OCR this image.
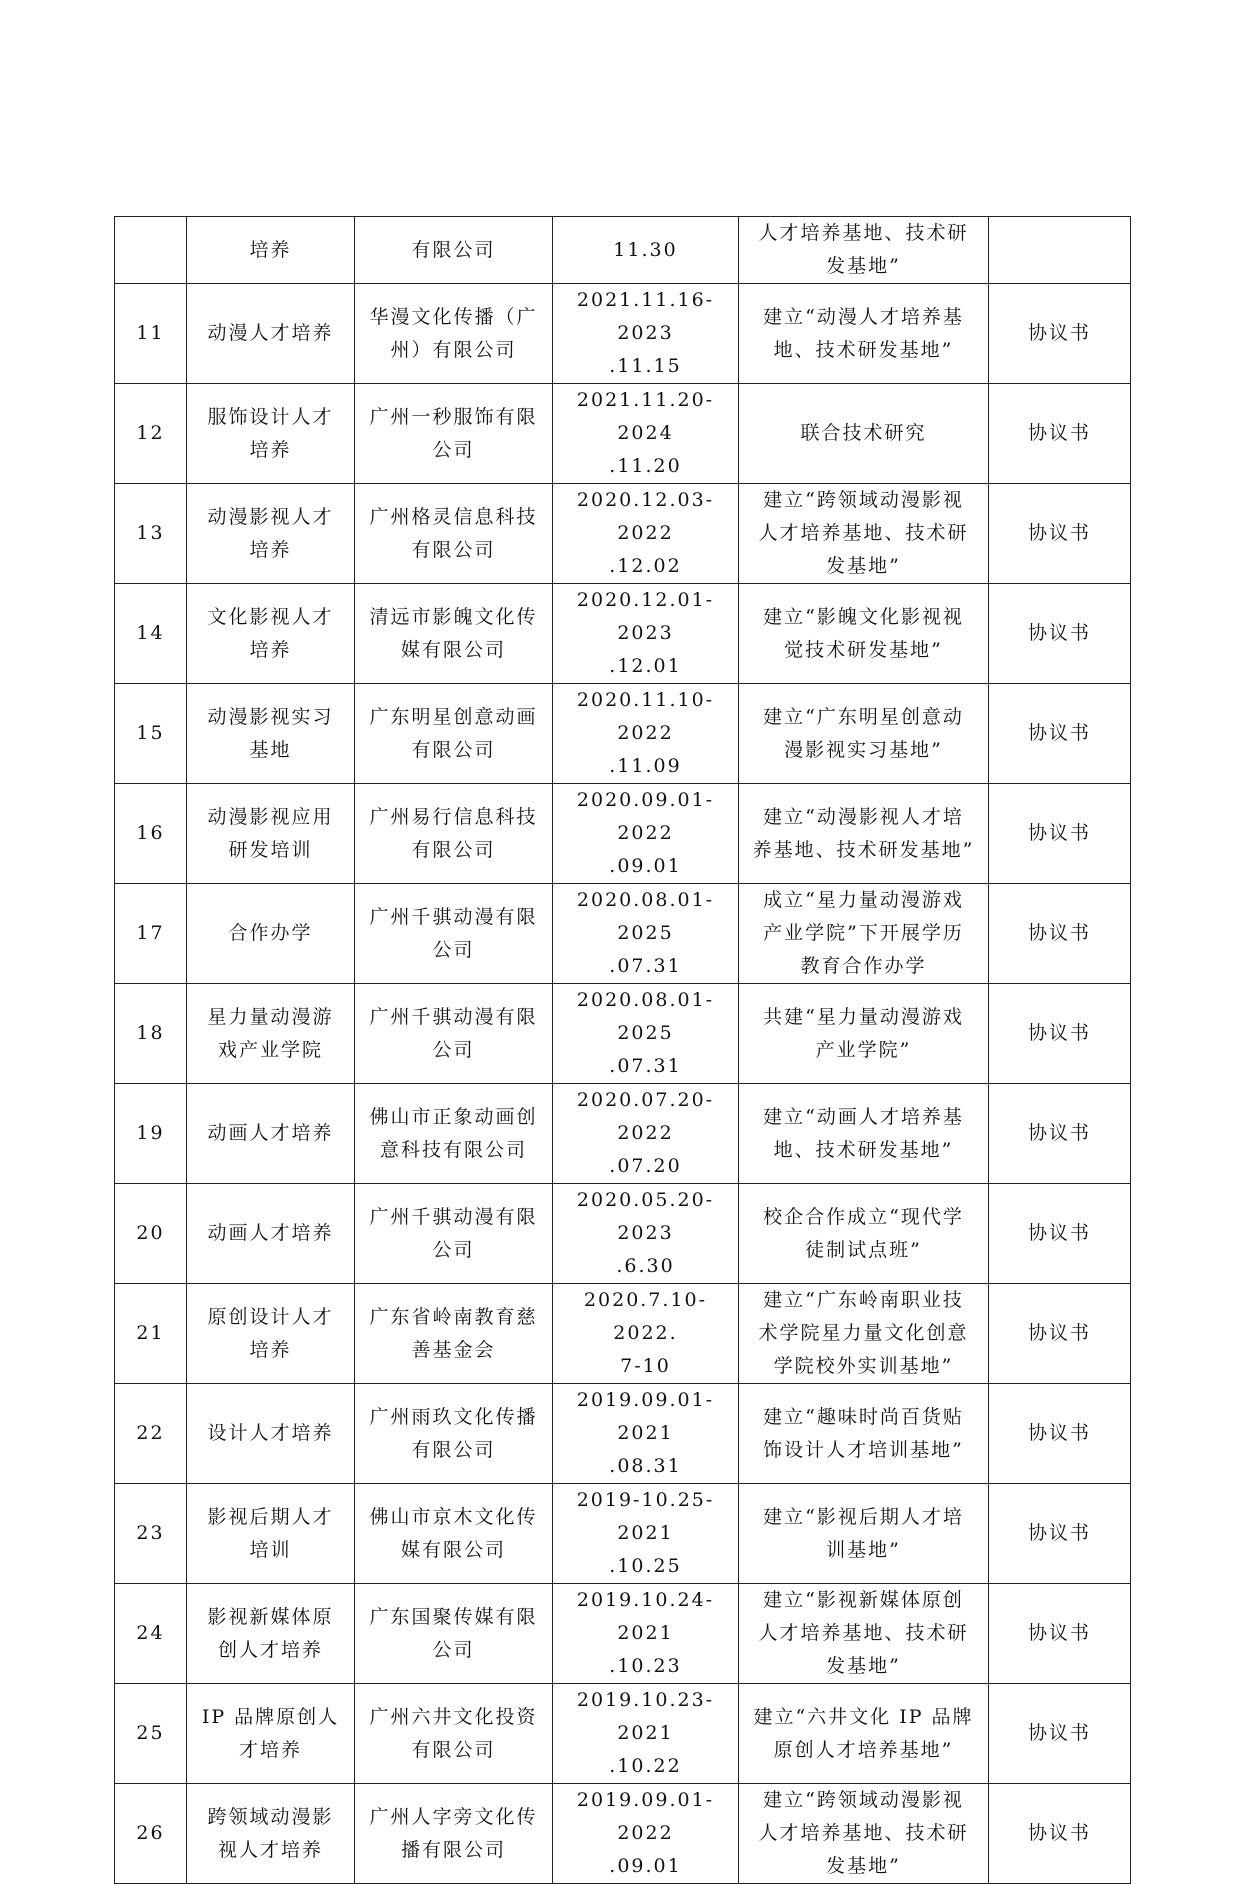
	培养	有限公司	11.30	人才培养基地、技术研
发基地”	
11	动漫人才培养	华漫文化传播（广
州）有限公司	2021.11.16-2023
.11.15	建立“动漫人才培养基
地、技术研发基地”	协议书
12	服饰设计人才
培养	广州一秒服饰有限
公司	2021.11.20-2024
.11.20	联合技术研究	协议书
13	动漫影视人才
培养	广州格灵信息科技
有限公司	2020.12.03-2022
.12.02	建立“跨领域动漫影视
人才培养基地、技术研
发基地”	协议书
14	文化影视人才
培养	清远市影魄文化传
媒有限公司	2020.12.01-2023
.12.01	建立“影魄文化影视视
觉技术研发基地”	协议书
15	动漫影视实习
基地	广东明星创意动画
有限公司	2020.11.10-2022
.11.09	建立“广东明星创意动
漫影视实习基地”	协议书
16	动漫影视应用
研发培训	广州易行信息科技
有限公司	2020.09.01-2022
.09.01	建立“动漫影视人才培
养基地、技术研发基地”	协议书
17	合作办学	广州千骐动漫有限
公司	2020.08.01-2025
.07.31	成立“星力量动漫游戏
产业学院”下开展学历
教育合作办学	协议书
18	星力量动漫游
戏产业学院	广州千骐动漫有限
公司	2020.08.01-2025
.07.31	共建“星力量动漫游戏
产业学院”	协议书
19	动画人才培养	佛山市正象动画创
意科技有限公司	2020.07.20-2022
.07.20	建立“动画人才培养基
地、技术研发基地”	协议书
20	动画人才培养	广州千骐动漫有限
公司	2020.05.20-2023
.6.30	校企合作成立“现代学
徒制试点班”	协议书
21	原创设计人才
培养	广东省岭南教育慈
善基金会	2020.7.10-2022.
7-10	建立“广东岭南职业技
术学院星力量文化创意
学院校外实训基地”	协议书
22	设计人才培养	广州雨玖文化传播
有限公司	2019.09.01-2021
.08.31	建立“趣味时尚百货贴
饰设计人才培训基地”	协议书
23	影视后期人才
培训	佛山市京木文化传
媒有限公司	2019-10.25-2021
.10.25	建立“影视后期人才培
训基地”	协议书
24	影视新媒体原
创人才培养	广东国聚传媒有限
公司	2019.10.24-2021
.10.23	建立“影视新媒体原创
人才培养基地、技术研
发基地”	协议书
25	IP 品牌原创人
才培养	广州六井文化投资
有限公司	2019.10.23-2021
.10.22	建立“六井文化 IP 品牌
原创人才培养基地”	协议书
26	跨领域动漫影
视人才培养	广州人字旁文化传
播有限公司	2019.09.01-2022
.09.01	建立“跨领域动漫影视
人才培养基地、技术研
发基地”	协议书
